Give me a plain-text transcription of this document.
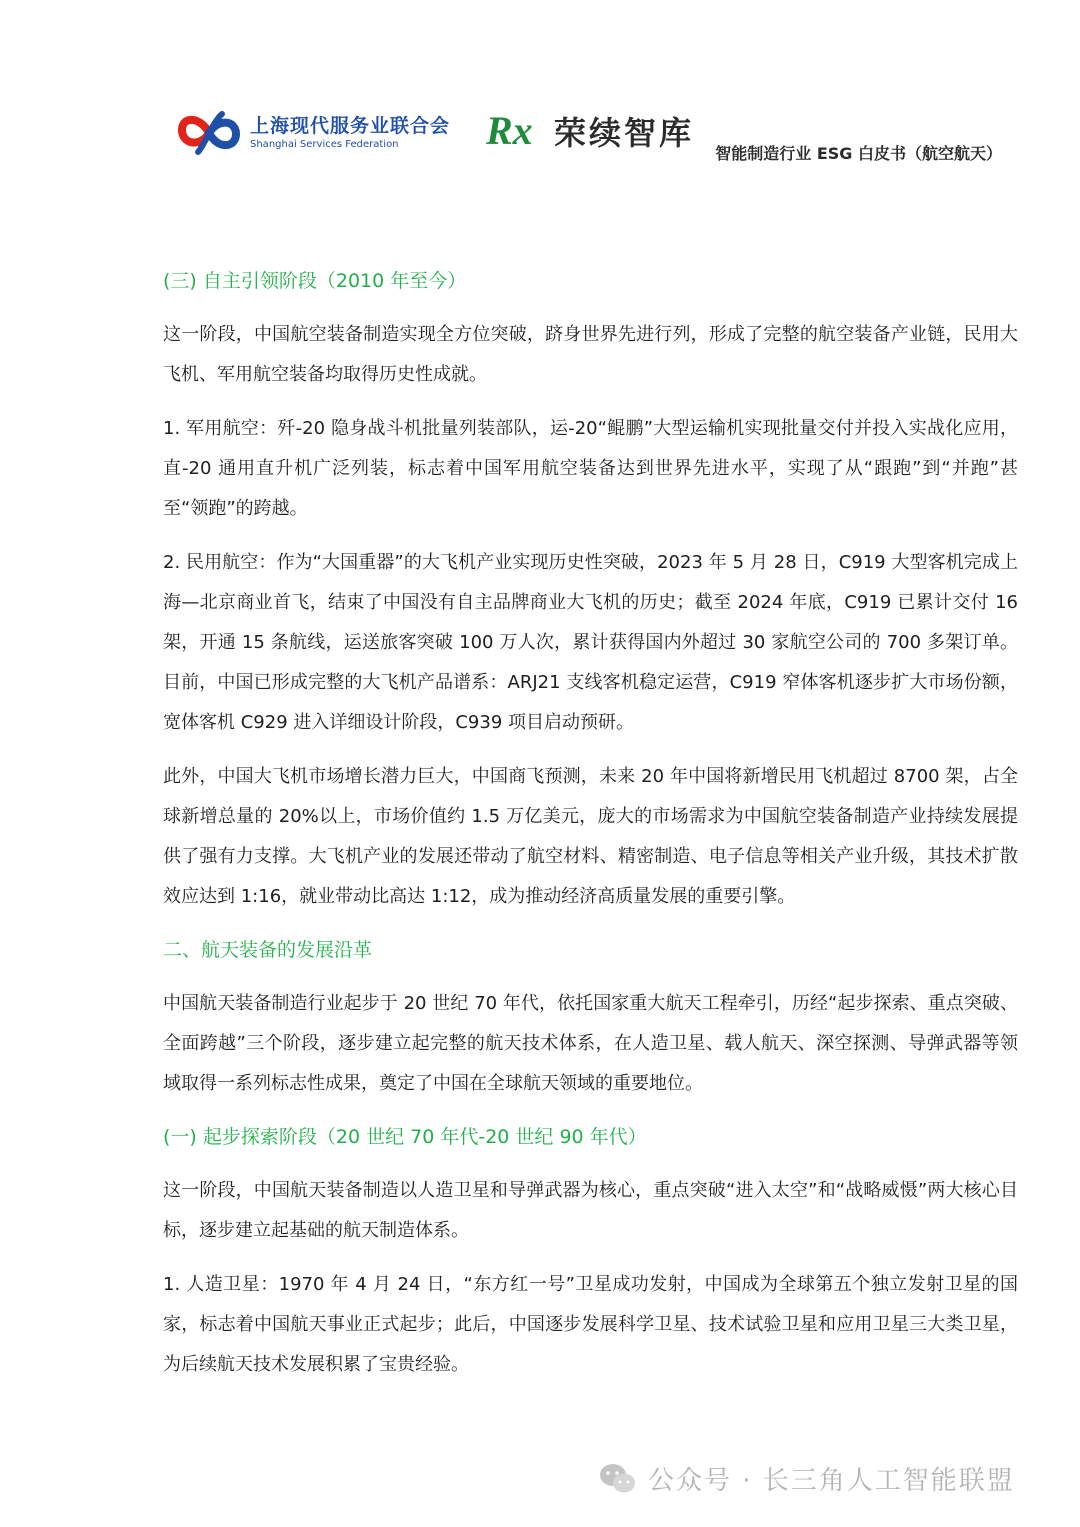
上海现代服务业联合会
Shanghai Services Federation	Rx 荣续智库
智能制造行业 ESG 白皮书（航空航天）
(三) 自主引领阶段（2010 年至今）

这一阶段，中国航空装备制造实现全方位突破，跻身世界先进行列，形成了完整的航空装备产业链，民用大飞机、军用航空装备均取得历史性成就。

1. 军用航空：歼-20 隐身战斗机批量列装部队，运-20“鲲鹏”大型运输机实现批量交付并投入实战化应用，直-20 通用直升机广泛列装，标志着中国军用航空装备达到世界先进水平，实现了从“跟跑”到“并跑”甚至“领跑”的跨越。

2. 民用航空：作为“大国重器”的大飞机产业实现历史性突破，2023 年 5 月 28 日，C919 大型客机完成上海—北京商业首飞，结束了中国没有自主品牌商业大飞机的历史；截至 2024 年底，C919 已累计交付 16 架，开通 15 条航线，运送旅客突破 100 万人次，累计获得国内外超过 30 家航空公司的 700 多架订单。目前，中国已形成完整的大飞机产品谱系：ARJ21 支线客机稳定运营，C919 窄体客机逐步扩大市场份额，宽体客机 C929 进入详细设计阶段，C939 项目启动预研。

此外，中国大飞机市场增长潜力巨大，中国商飞预测，未来 20 年中国将新增民用飞机超过 8700 架，占全球新增总量的 20%以上，市场价值约 1.5 万亿美元，庞大的市场需求为中国航空装备制造产业持续发展提供了强有力支撑。大飞机产业的发展还带动了航空材料、精密制造、电子信息等相关产业升级，其技术扩散效应达到 1:16，就业带动比高达 1:12，成为推动经济高质量发展的重要引擎。

二、航天装备的发展沿革

中国航天装备制造行业起步于 20 世纪 70 年代，依托国家重大航天工程牵引，历经“起步探索、重点突破、全面跨越”三个阶段，逐步建立起完整的航天技术体系，在人造卫星、载人航天、深空探测、导弹武器等领域取得一系列标志性成果，奠定了中国在全球航天领域的重要地位。

(一) 起步探索阶段（20 世纪 70 年代-20 世纪 90 年代）

这一阶段，中国航天装备制造以人造卫星和导弹武器为核心，重点突破“进入太空”和“战略威慑”两大核心目标，逐步建立起基础的航天制造体系。

1. 人造卫星：1970 年 4 月 24 日，“东方红一号”卫星成功发射，中国成为全球第五个独立发射卫星的国家，标志着中国航天事业正式起步；此后，中国逐步发展科学卫星、技术试验卫星和应用卫星三大类卫星，为后续航天技术发展积累了宝贵经验。

公众号 · 长三角人工智能联盟
